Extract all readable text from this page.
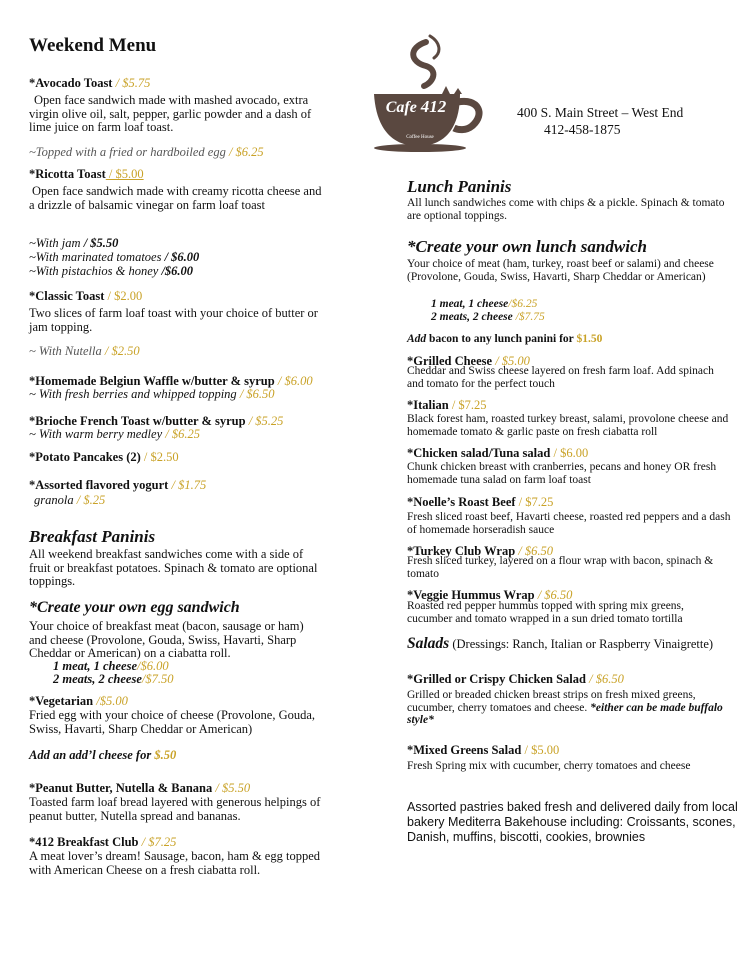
Weekend Menu
*Avocado Toast / $5.75
Open face sandwich made with mashed avocado, extra virgin olive oil, salt, pepper, garlic powder and a dash of lime juice on farm loaf toast.
~Topped with a fried or hardboiled egg / $6.25
*Ricotta Toast / $5.00
Open face sandwich made with creamy ricotta cheese and a drizzle of balsamic vinegar on farm loaf toast
~With jam / $5.50
~With marinated tomatoes / $6.00
~With pistachios & honey /$6.00
*Classic Toast / $2.00
Two slices of farm loaf toast with your choice of butter or jam topping.
~ With Nutella / $2.50
*Homemade Belgiun Waffle w/butter & syrup / $6.00
~ With fresh berries and whipped topping / $6.50
*Brioche French Toast w/butter & syrup / $5.25
~ With warm berry medley / $6.25
*Potato Pancakes (2) / $2.50
*Assorted flavored yogurt / $1.75
granola / $.25
Breakfast Paninis
All weekend breakfast sandwiches come with a side of fruit or breakfast potatoes. Spinach & tomato are optional toppings.
*Create your own egg sandwich
Your choice of breakfast meat (bacon, sausage or ham) and cheese (Provolone, Gouda, Swiss, Havarti, Sharp Cheddar or American) on a ciabatta roll.
1 meat, 1 cheese/$6.00
2 meats, 2 cheese/$7.50
*Vegetarian /$5.00
Fried egg with your choice of cheese (Provolone, Gouda, Swiss, Havarti, Sharp Cheddar or American)
Add an add’l cheese for $.50
*Peanut Butter, Nutella & Banana / $5.50
Toasted farm loaf bread layered with generous helpings of peanut butter, Nutella spread and bananas.
*412 Breakfast Club / $7.25
A meat lover’s dream! Sausage, bacon, ham & egg topped with American Cheese on a fresh ciabatta roll.
Cafe 412
Coffee House
400 S. Main Street – West End
412-458-1875
Lunch Paninis
All lunch sandwiches come with chips & a pickle. Spinach & tomato are optional toppings.
*Create your own lunch sandwich
Your choice of meat (ham, turkey, roast beef or salami) and cheese (Provolone, Gouda, Swiss, Havarti, Sharp Cheddar or American)
1 meat, 1 cheese/$6.25
2 meats, 2 cheese /$7.75
Add bacon to any lunch panini for $1.50
*Grilled Cheese / $5.00
Cheddar and Swiss cheese layered on fresh farm loaf. Add spinach and tomato for the perfect touch
*Italian / $7.25
Black forest ham, roasted turkey breast, salami, provolone cheese and homemade tomato & garlic paste on fresh ciabatta roll
*Chicken salad/Tuna salad / $6.00
Chunk chicken breast with cranberries, pecans and honey OR fresh homemade tuna salad on farm loaf toast
*Noelle’s Roast Beef / $7.25
Fresh sliced roast beef, Havarti cheese, roasted red peppers and a dash of homemade horseradish sauce
*Turkey Club Wrap / $6.50
Fresh sliced turkey, layered on a flour wrap with bacon, spinach & tomato
*Veggie Hummus Wrap / $6.50
Roasted red pepper hummus topped with spring mix greens, cucumber and tomato wrapped in a sun dried tomato tortilla
Salads (Dressings: Ranch, Italian or Raspberry Vinaigrette)
*Grilled or Crispy Chicken Salad / $6.50
Grilled or breaded chicken breast strips on fresh mixed greens, cucumber, cherry tomatoes and cheese. *either can be made buffalo style*
*Mixed Greens Salad / $5.00
Fresh Spring mix with cucumber, cherry tomatoes and cheese
Assorted pastries baked fresh and delivered daily from local bakery Mediterra Bakehouse including: Croissants, scones, Danish, muffins, biscotti, cookies, brownies
